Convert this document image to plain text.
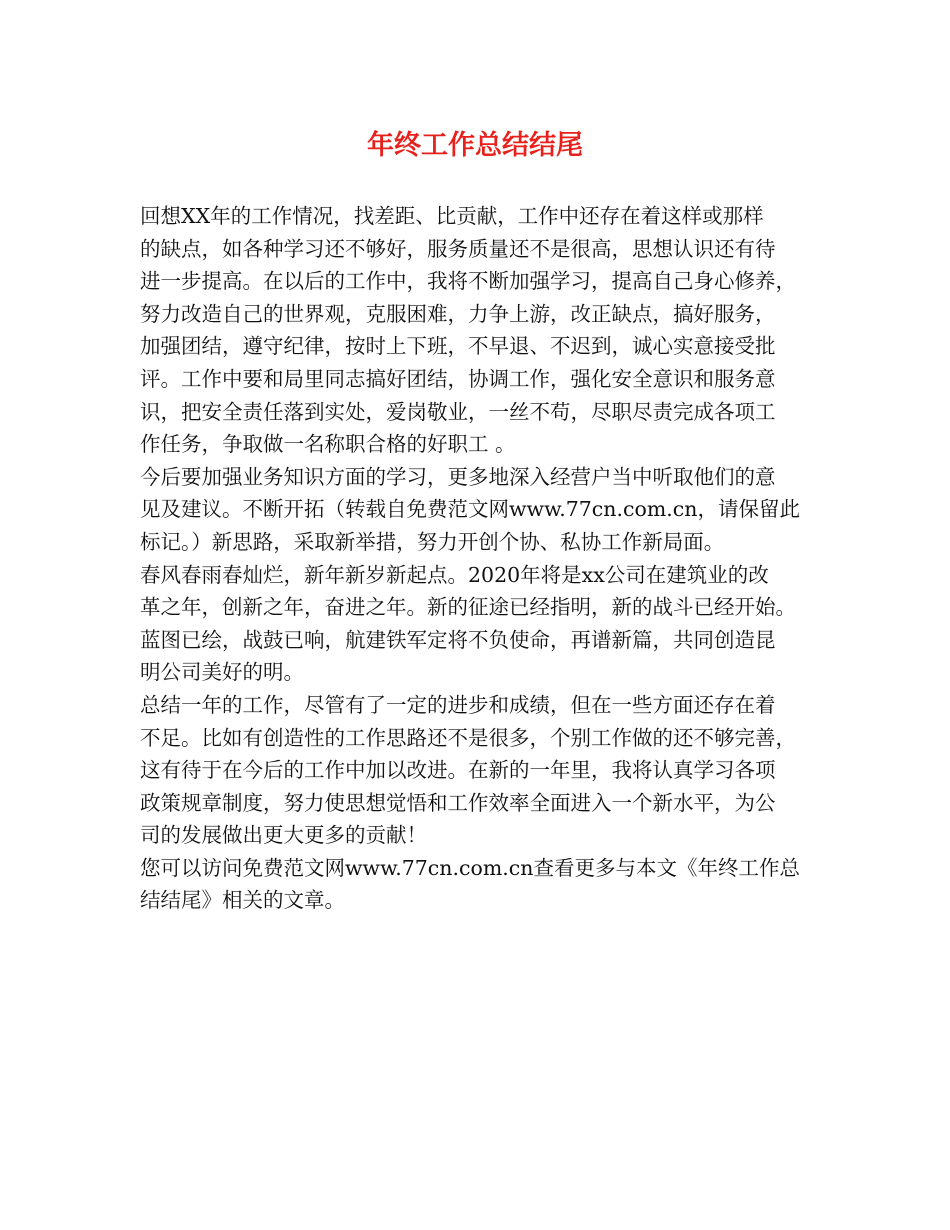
年终工作总结结尾

回想XX年的工作情况，找差距、比贡献，工作中还存在着这样或那样
的缺点，如各种学习还不够好，服务质量还不是很高，思想认识还有待
进一步提高。在以后的工作中，我将不断加强学习，提高自己身心修养，
努力改造自己的世界观，克服困难，力争上游，改正缺点，搞好服务，
加强团结，遵守纪律，按时上下班，不早退、不迟到，诚心实意接受批
评。工作中要和局里同志搞好团结，协调工作，强化安全意识和服务意
识，把安全责任落到实处，爱岗敬业，一丝不苟，尽职尽责完成各项工
作任务，争取做一名称职合格的好职工 。

今后要加强业务知识方面的学习，更多地深入经营户当中听取他们的意
见及建议。不断开拓（转载自免费范文网www.77cn.com.cn，请保留此
标记。）新思路，采取新举措，努力开创个协、私协工作新局面。

春风春雨春灿烂，新年新岁新起点。2020年将是xx公司在建筑业的改
革之年，创新之年，奋进之年。新的征途已经指明，新的战斗已经开始。
蓝图已绘，战鼓已响，航建铁军定将不负使命，再谱新篇，共同创造昆
明公司美好的明。

总结一年的工作，尽管有了一定的进步和成绩，但在一些方面还存在着
不足。比如有创造性的工作思路还不是很多，个别工作做的还不够完善，
这有待于在今后的工作中加以改进。在新的一年里，我将认真学习各项
政策规章制度，努力使思想觉悟和工作效率全面进入一个新水平，为公
司的发展做出更大更多的贡献！

您可以访问免费范文网www.77cn.com.cn查看更多与本文《年终工作总
结结尾》相关的文章。
